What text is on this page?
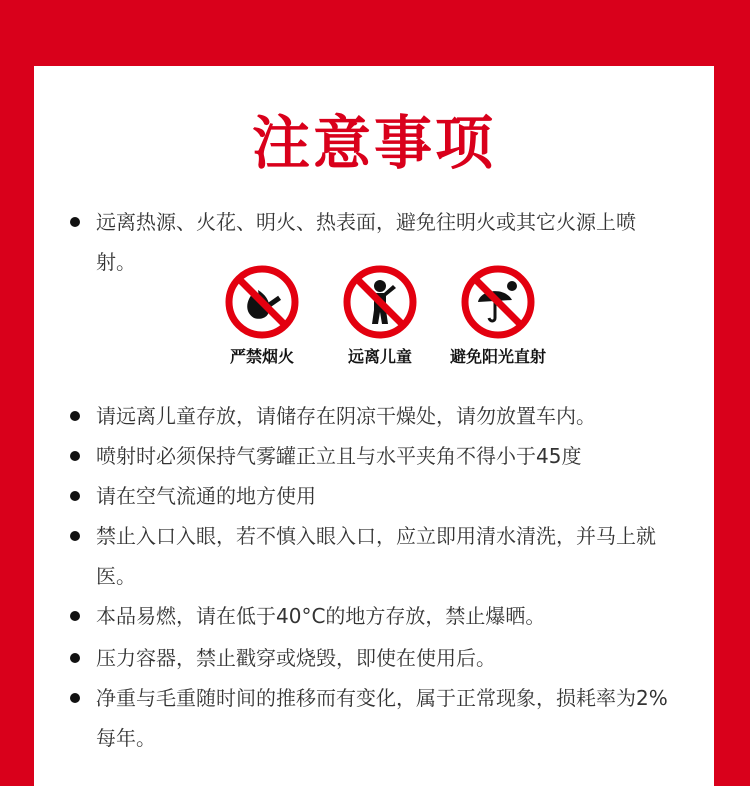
注意事项
远离热源、火花、明火、热表面，避免往明火或其它火源上喷射。
严禁烟火	远离儿童	避免阳光直射
请远离儿童存放，请储存在阴凉干燥处，请勿放置车内。
喷射时必须保持气雾罐正立且与水平夹角不得小于45度
请在空气流通的地方使用
禁止入口入眼，若不慎入眼入口，应立即用清水清洗，并马上就医。
本品易燃，请在低于40°C的地方存放，禁止爆晒。
压力容器，禁止戳穿或烧毁，即使在使用后。
净重与毛重随时间的推移而有变化，属于正常现象，损耗率为2%每年。
